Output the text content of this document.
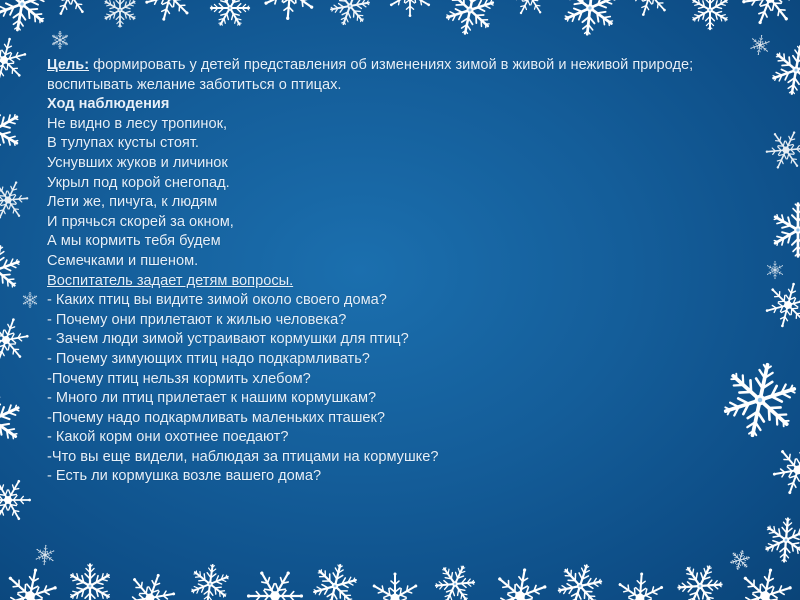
Цель: формировать у детей представления об изменениях зимой в живой и неживой природе; воспитывать желание заботиться о птицах.
Ход наблюдения
Не видно в лесу тропинок,
В тулупах кусты стоят.
Уснувших жуков и личинок
Укрыл под корой снегопад.
Лети же, пичуга, к людям
И прячься скорей за окном,
А мы кормить тебя будем
Семечками и пшеном.
Воспитатель задает детям вопросы.
- Каких птиц вы видите зимой около своего дома?
- Почему они прилетают к жилью человека?
- Зачем люди зимой устраивают кормушки для птиц?
- Почему зимующих птиц надо подкармливать?
-Почему птиц нельзя кормить хлебом?
- Много ли птиц прилетает к нашим кормушкам?
-Почему надо подкармливать маленьких пташек?
- Какой корм они охотнее поедают?
-Что вы еще видели, наблюдая за птицами на кормушке?
- Есть ли кормушка возле вашего дома?
